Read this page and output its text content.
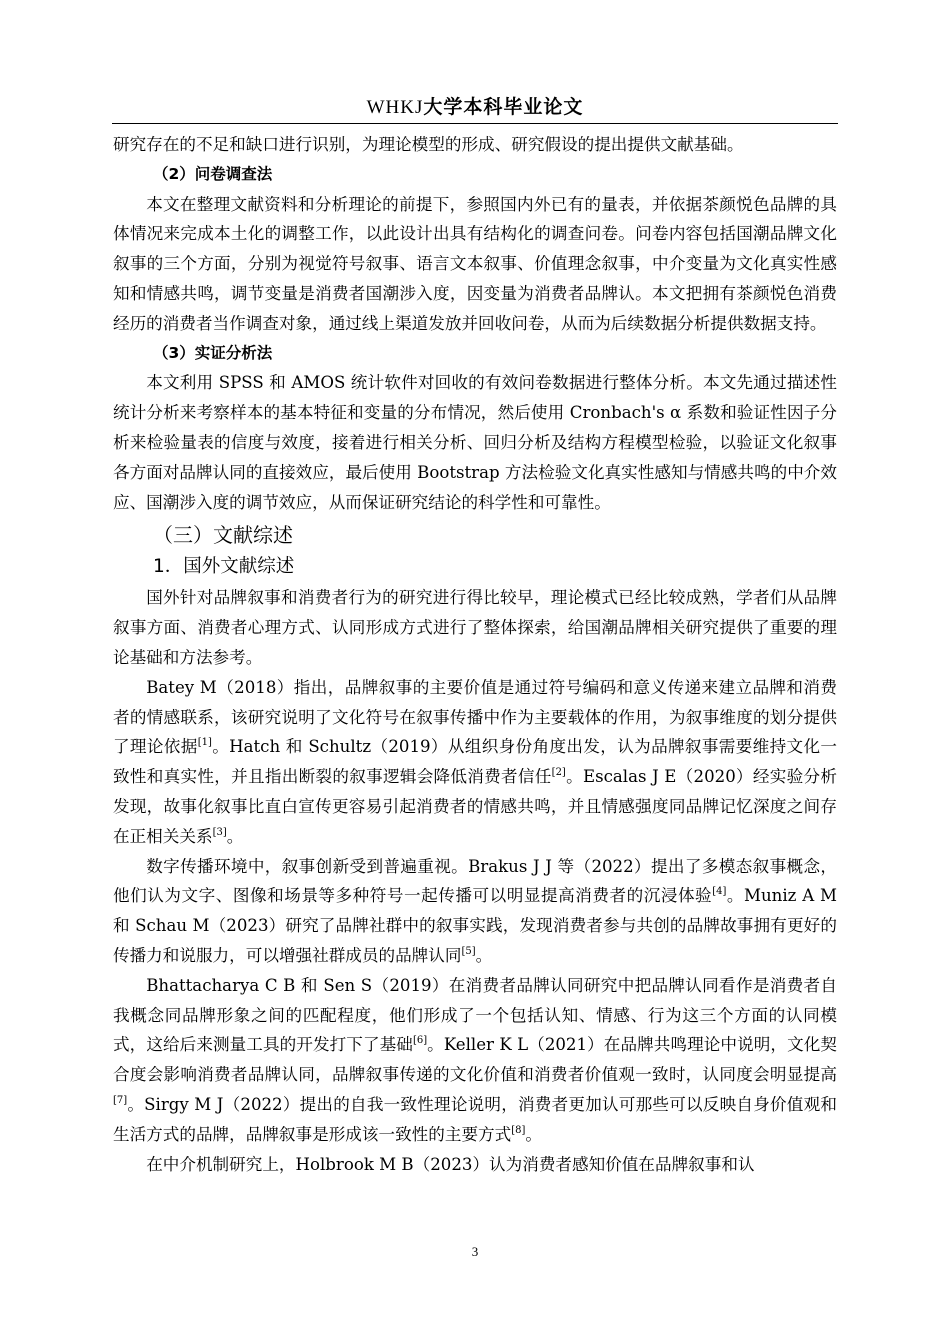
WHKJ大学本科毕业论文

研究存在的不足和缺口进行识别，为理论模型的形成、研究假设的提出提供文献基础。

（2）问卷调查法

本文在整理文献资料和分析理论的前提下，参照国内外已有的量表，并依据茶颜悦色品牌的具体情况来完成本土化的调整工作，以此设计出具有结构化的调查问卷。问卷内容包括国潮品牌文化叙事的三个方面，分别为视觉符号叙事、语言文本叙事、价值理念叙事，中介变量为文化真实性感知和情感共鸣，调节变量是消费者国潮涉入度，因变量为消费者品牌认。本文把拥有茶颜悦色消费经历的消费者当作调查对象，通过线上渠道发放并回收问卷，从而为后续数据分析提供数据支持。

（3）实证分析法

本文利用 SPSS 和 AMOS 统计软件对回收的有效问卷数据进行整体分析。本文先通过描述性统计分析来考察样本的基本特征和变量的分布情况，然后使用 Cronbach's α 系数和验证性因子分析来检验量表的信度与效度，接着进行相关分析、回归分析及结构方程模型检验，以验证文化叙事各方面对品牌认同的直接效应，最后使用 Bootstrap 方法检验文化真实性感知与情感共鸣的中介效应、国潮涉入度的调节效应，从而保证研究结论的科学性和可靠性。

（三）文献综述
1．国外文献综述

国外针对品牌叙事和消费者行为的研究进行得比较早，理论模式已经比较成熟，学者们从品牌叙事方面、消费者心理方式、认同形成方式进行了整体探索，给国潮品牌相关研究提供了重要的理论基础和方法参考。

Batey M（2018）指出，品牌叙事的主要价值是通过符号编码和意义传递来建立品牌和消费者的情感联系，该研究说明了文化符号在叙事传播中作为主要载体的作用，为叙事维度的划分提供了理论依据[1]。Hatch 和 Schultz（2019）从组织身份角度出发，认为品牌叙事需要维持文化一致性和真实性，并且指出断裂的叙事逻辑会降低消费者信任[2]。Escalas J E（2020）经实验分析发现，故事化叙事比直白宣传更容易引起消费者的情感共鸣，并且情感强度同品牌记忆深度之间存在正相关关系[3]。

数字传播环境中，叙事创新受到普遍重视。Brakus J J 等（2022）提出了多模态叙事概念，他们认为文字、图像和场景等多种符号一起传播可以明显提高消费者的沉浸体验[4]。Muniz A M 和 Schau M（2023）研究了品牌社群中的叙事实践，发现消费者参与共创的品牌故事拥有更好的传播力和说服力，可以增强社群成员的品牌认同[5]。

Bhattacharya C B 和 Sen S（2019）在消费者品牌认同研究中把品牌认同看作是消费者自我概念同品牌形象之间的匹配程度，他们形成了一个包括认知、情感、行为这三个方面的认同模式，这给后来测量工具的开发打下了基础[6]。Keller K L（2021）在品牌共鸣理论中说明，文化契合度会影响消费者品牌认同，品牌叙事传递的文化价值和消费者价值观一致时，认同度会明显提高[7]。Sirgy M J（2022）提出的自我一致性理论说明，消费者更加认可那些可以反映自身价值观和生活方式的品牌，品牌叙事是形成该一致性的主要方式[8]。

在中介机制研究上，Holbrook M B（2023）认为消费者感知价值在品牌叙事和认

3
